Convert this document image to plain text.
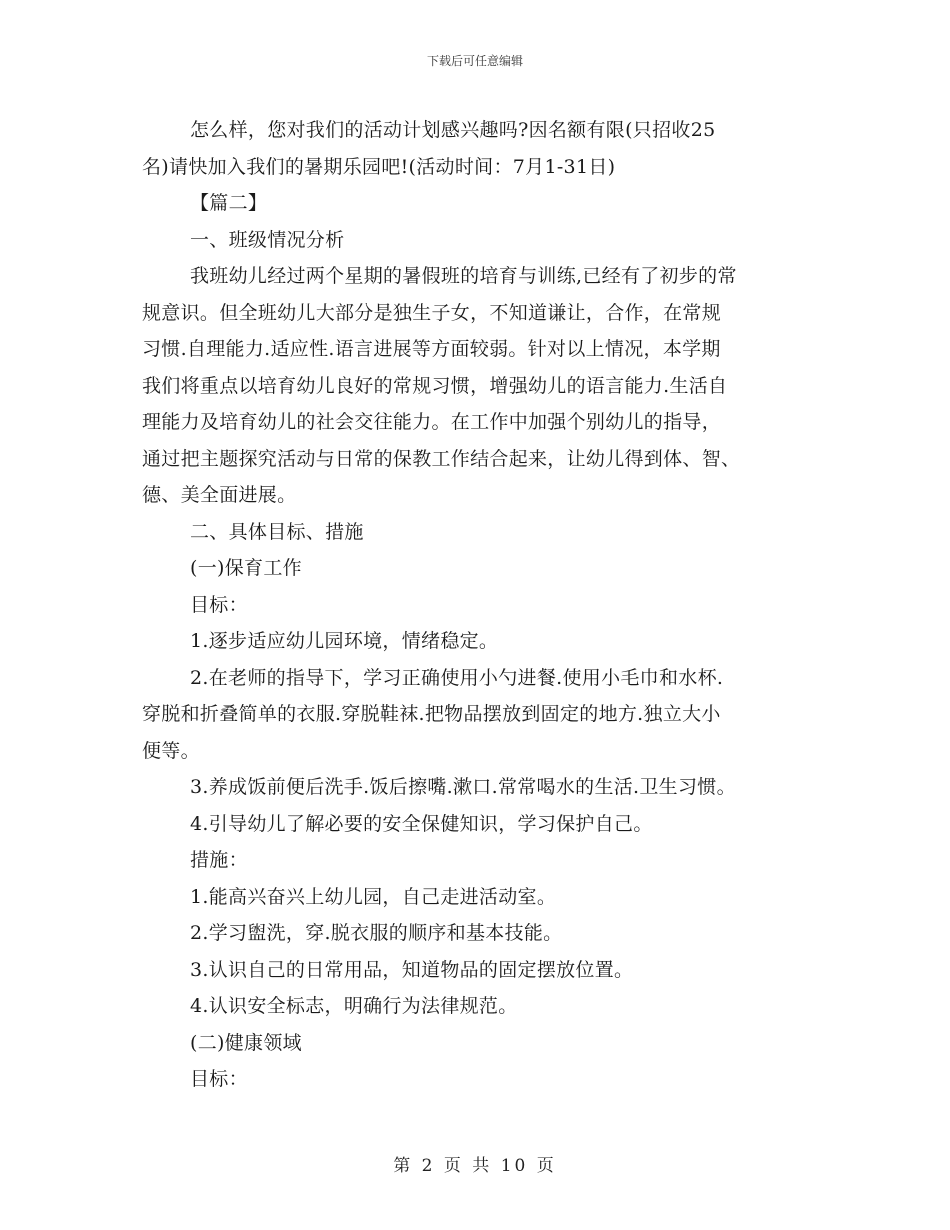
下载后可任意编辑
怎么样，您对我们的活动计划感兴趣吗?因名额有限(只招收25
名)请快加入我们的暑期乐园吧!(活动时间：7月1-31日)
【篇二】
一、班级情况分析
我班幼儿经过两个星期的暑假班的培育与训练,已经有了初步的常
规意识。但全班幼儿大部分是独生子女，不知道谦让，合作，在常规
习惯.自理能力.适应性.语言进展等方面较弱。针对以上情况，本学期
我们将重点以培育幼儿良好的常规习惯，增强幼儿的语言能力.生活自
理能力及培育幼儿的社会交往能力。在工作中加强个别幼儿的指导，
通过把主题探究活动与日常的保教工作结合起来，让幼儿得到体、智、
德、美全面进展。
二、具体目标、措施
(一)保育工作
目标：
1.逐步适应幼儿园环境，情绪稳定。
2.在老师的指导下，学习正确使用小勺进餐.使用小毛巾和水杯.
穿脱和折叠简单的衣服.穿脱鞋袜.把物品摆放到固定的地方.独立大小
便等。
3.养成饭前便后洗手.饭后擦嘴.漱口.常常喝水的生活.卫生习惯。
4.引导幼儿了解必要的安全保健知识，学习保护自己。
措施：
1.能高兴奋兴上幼儿园，自己走进活动室。
2.学习盥洗，穿.脱衣服的顺序和基本技能。
3.认识自己的日常用品，知道物品的固定摆放位置。
4.认识安全标志，明确行为法律规范。
(二)健康领域
目标：
第 2 页 共 10 页
